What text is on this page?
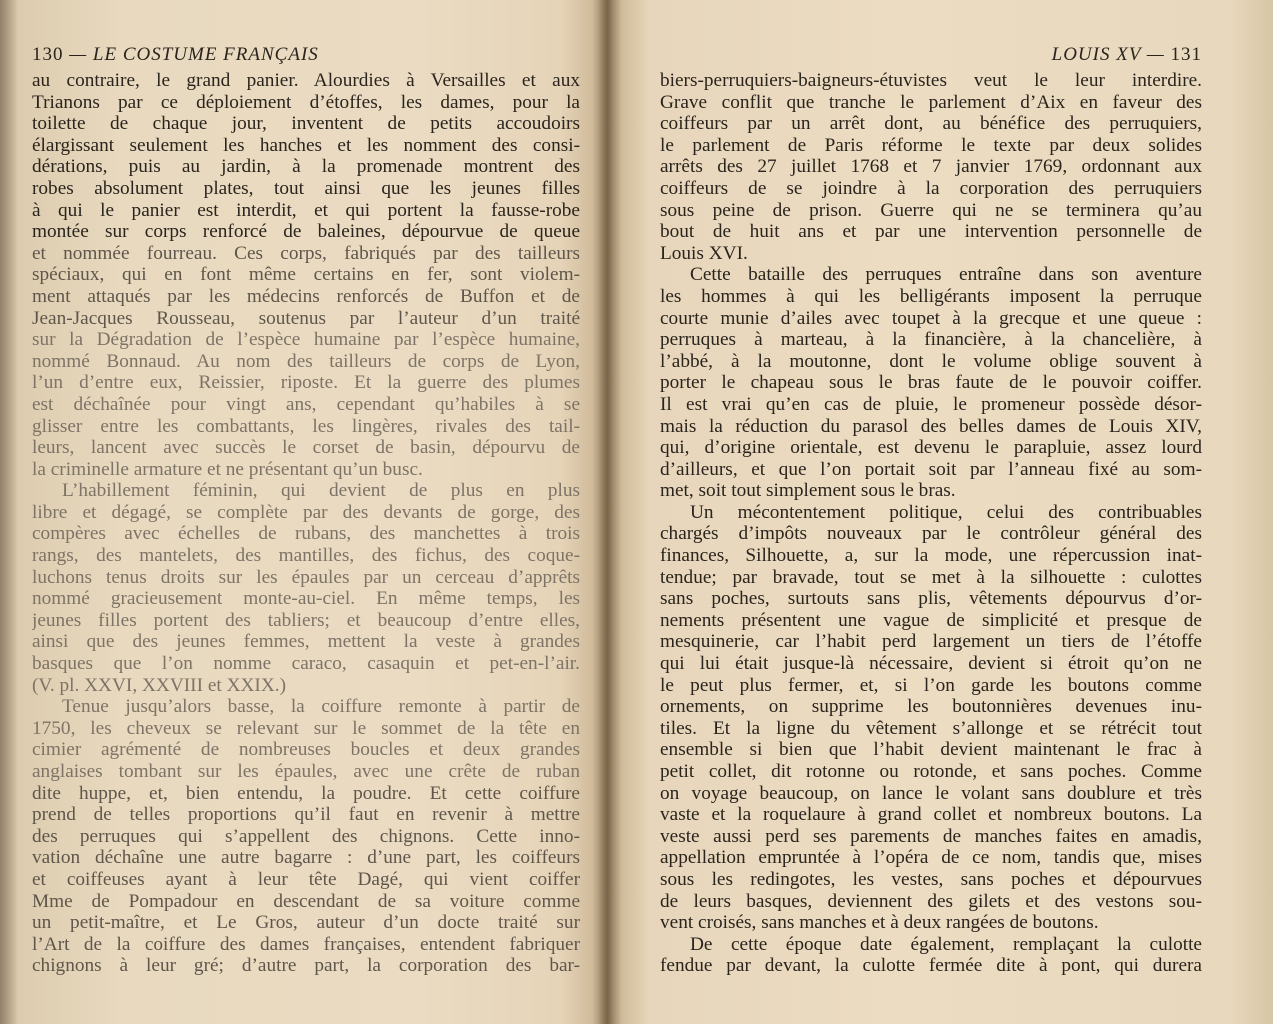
130 — LE COSTUME FRANÇAIS
au contraire, le grand panier. Alourdies à Versailles et aux
Trianons par ce déploiement d’étoffes, les dames, pour la
toilette de chaque jour, inventent de petits accoudoirs
élargissant seulement les hanches et les nomment des consi-
dérations, puis au jardin, à la promenade montrent des
robes absolument plates, tout ainsi que les jeunes filles
à qui le panier est interdit, et qui portent la fausse-robe
montée sur corps renforcé de baleines, dépourvue de queue
et nommée fourreau. Ces corps, fabriqués par des tailleurs
spéciaux, qui en font même certains en fer, sont violem-
ment attaqués par les médecins renforcés de Buffon et de
Jean-Jacques Rousseau, soutenus par l’auteur d’un traité
sur la Dégradation de l’espèce humaine par l’espèce humaine,
nommé Bonnaud. Au nom des tailleurs de corps de Lyon,
l’un d’entre eux, Reissier, riposte. Et la guerre des plumes
est déchaînée pour vingt ans, cependant qu’habiles à se
glisser entre les combattants, les lingères, rivales des tail-
leurs, lancent avec succès le corset de basin, dépourvu de
la criminelle armature et ne présentant qu’un busc.
L’habillement féminin, qui devient de plus en plus
libre et dégagé, se complète par des devants de gorge, des
compères avec échelles de rubans, des manchettes à trois
rangs, des mantelets, des mantilles, des fichus, des coque-
luchons tenus droits sur les épaules par un cerceau d’apprêts
nommé gracieusement monte-au-ciel. En même temps, les
jeunes filles portent des tabliers; et beaucoup d’entre elles,
ainsi que des jeunes femmes, mettent la veste à grandes
basques que l’on nomme caraco, casaquin et pet-en-l’air.
(V. pl. XXVI, XXVIII et XXIX.)
Tenue jusqu’alors basse, la coiffure remonte à partir de
1750, les cheveux se relevant sur le sommet de la tête en
cimier agrémenté de nombreuses boucles et deux grandes
anglaises tombant sur les épaules, avec une crête de ruban
dite huppe, et, bien entendu, la poudre. Et cette coiffure
prend de telles proportions qu’il faut en revenir à mettre
des perruques qui s’appellent des chignons. Cette inno-
vation déchaîne une autre bagarre : d’une part, les coiffeurs
et coiffeuses ayant à leur tête Dagé, qui vient coiffer
Mme de Pompadour en descendant de sa voiture comme
un petit-maître, et Le Gros, auteur d’un docte traité sur
l’Art de la coiffure des dames françaises, entendent fabriquer
chignons à leur gré; d’autre part, la corporation des bar-
LOUIS XV — 131
biers-perruquiers-baigneurs-étuvistes veut le leur interdire.
Grave conflit que tranche le parlement d’Aix en faveur des
coiffeurs par un arrêt dont, au bénéfice des perruquiers,
le parlement de Paris réforme le texte par deux solides
arrêts des 27 juillet 1768 et 7 janvier 1769, ordonnant aux
coiffeurs de se joindre à la corporation des perruquiers
sous peine de prison. Guerre qui ne se terminera qu’au
bout de huit ans et par une intervention personnelle de
Louis XVI.
Cette bataille des perruques entraîne dans son aventure
les hommes à qui les belligérants imposent la perruque
courte munie d’ailes avec toupet à la grecque et une queue :
perruques à marteau, à la financière, à la chancelière, à
l’abbé, à la moutonne, dont le volume oblige souvent à
porter le chapeau sous le bras faute de le pouvoir coiffer.
Il est vrai qu’en cas de pluie, le promeneur possède désor-
mais la réduction du parasol des belles dames de Louis XIV,
qui, d’origine orientale, est devenu le parapluie, assez lourd
d’ailleurs, et que l’on portait soit par l’anneau fixé au som-
met, soit tout simplement sous le bras.
Un mécontentement politique, celui des contribuables
chargés d’impôts nouveaux par le contrôleur général des
finances, Silhouette, a, sur la mode, une répercussion inat-
tendue; par bravade, tout se met à la silhouette : culottes
sans poches, surtouts sans plis, vêtements dépourvus d’or-
nements présentent une vague de simplicité et presque de
mesquinerie, car l’habit perd largement un tiers de l’étoffe
qui lui était jusque-là nécessaire, devient si étroit qu’on ne
le peut plus fermer, et, si l’on garde les boutons comme
ornements, on supprime les boutonnières devenues inu-
tiles. Et la ligne du vêtement s’allonge et se rétrécit tout
ensemble si bien que l’habit devient maintenant le frac à
petit collet, dit rotonne ou rotonde, et sans poches. Comme
on voyage beaucoup, on lance le volant sans doublure et très
vaste et la roquelaure à grand collet et nombreux boutons. La
veste aussi perd ses parements de manches faites en amadis,
appellation empruntée à l’opéra de ce nom, tandis que, mises
sous les redingotes, les vestes, sans poches et dépourvues
de leurs basques, deviennent des gilets et des vestons sou-
vent croisés, sans manches et à deux rangées de boutons.
De cette époque date également, remplaçant la culotte
fendue par devant, la culotte fermée dite à pont, qui durera
